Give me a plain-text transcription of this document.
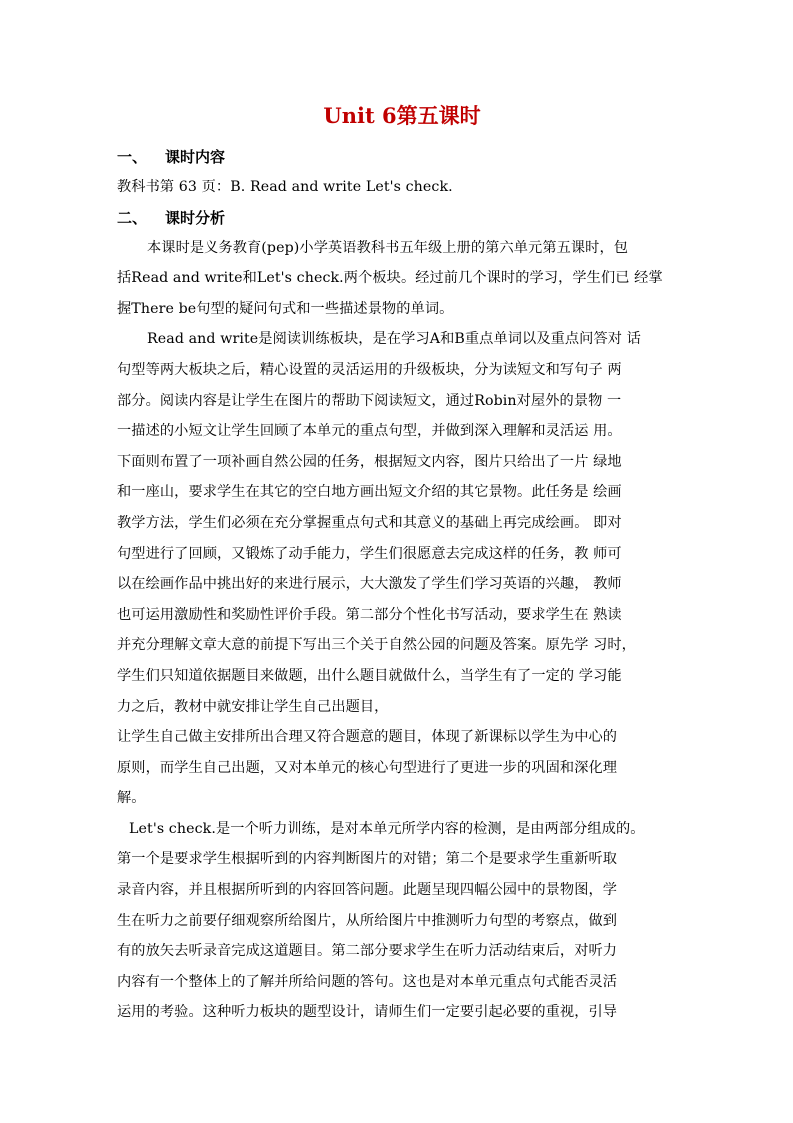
Unit 6第五课时
一、	课时内容
教科书第 63 页：B. Read and write Let's check.
二、	课时分析
本课时是义务教育(pep)小学英语教科书五年级上册的第六单元第五课时，包
括Read and write和Let's check.两个板块。经过前几个课时的学习，学生们已 经掌
握There be句型的疑问句式和一些描述景物的单词。
Read and write是阅读训练板块，是在学习A和B重点单词以及重点问答对 话
句型等两大板块之后，精心设置的灵活运用的升级板块，分为读短文和写句子 两
部分。阅读内容是让学生在图片的帮助下阅读短文，通过Robin对屋外的景物 一
一描述的小短文让学生回顾了本单元的重点句型，并做到深入理解和灵活运 用。
下面则布置了一项补画自然公园的任务，根据短文内容，图片只给出了一片 绿地
和一座山，要求学生在其它的空白地方画出短文介绍的其它景物。此任务是 绘画
教学方法，学生们必须在充分掌握重点句式和其意义的基础上再完成绘画。 即对
句型进行了回顾，又锻炼了动手能力，学生们很愿意去完成这样的任务，教 师可
以在绘画作品中挑出好的来进行展示，大大激发了学生们学习英语的兴趣， 教师
也可运用激励性和奖励性评价手段。第二部分个性化书写活动，要求学生在 熟读
并充分理解文章大意的前提下写出三个关于自然公园的问题及答案。原先学 习时，
学生们只知道依据题目来做题，出什么题目就做什么，当学生有了一定的 学习能
力之后，教材中就安排让学生自己出题目，
让学生自己做主安排所出合理又符合题意的题目，体现了新课标以学生为中心的
原则，而学生自己出题，又对本单元的核心句型进行了更进一步的巩固和深化理
解。
Let's check.是一个听力训练，是对本单元所学内容的检测，是由两部分组成的。
第一个是要求学生根据听到的内容判断图片的对错；第二个是要求学生重新听取
录音内容，并且根据所听到的内容回答问题。此题呈现四幅公园中的景物图，学
生在听力之前要仔细观察所给图片，从所给图片中推测听力句型的考察点，做到
有的放矢去听录音完成这道题目。第二部分要求学生在听力活动结束后，对听力
内容有一个整体上的了解并所给问题的答句。这也是对本单元重点句式能否灵活
运用的考验。这种听力板块的题型设计，请师生们一定要引起必要的重视，引导
